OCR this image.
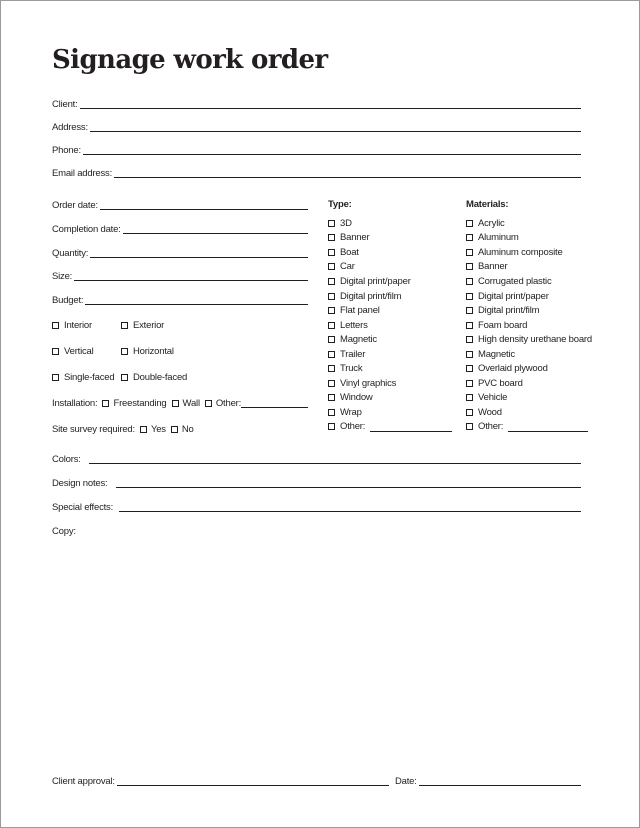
Signage work order
Client:
Address:
Phone:
Email address:
Order date:
Completion date:
Quantity:
Size:
Budget:
Interior	Exterior
Vertical	Horizontal
Single-faced Double-faced
Installation: Freestanding Wall Other:
Site survey required: Yes No
Type:
3D
Banner
Boat
Car
Digital print/paper
Digital print/film
Flat panel
Letters
Magnetic
Trailer
Truck
Vinyl graphics
Window
Wrap
Other:
Materials:
Acrylic
Aluminum
Aluminum composite
Banner
Corrugated plastic
Digital print/paper
Digital print/film
Foam board
High density urethane board
Magnetic
Overlaid plywood
PVC board
Vehicle
Wood
Other:
Colors:
Design notes:
Special effects:
Copy:
Client approval:	Date:
